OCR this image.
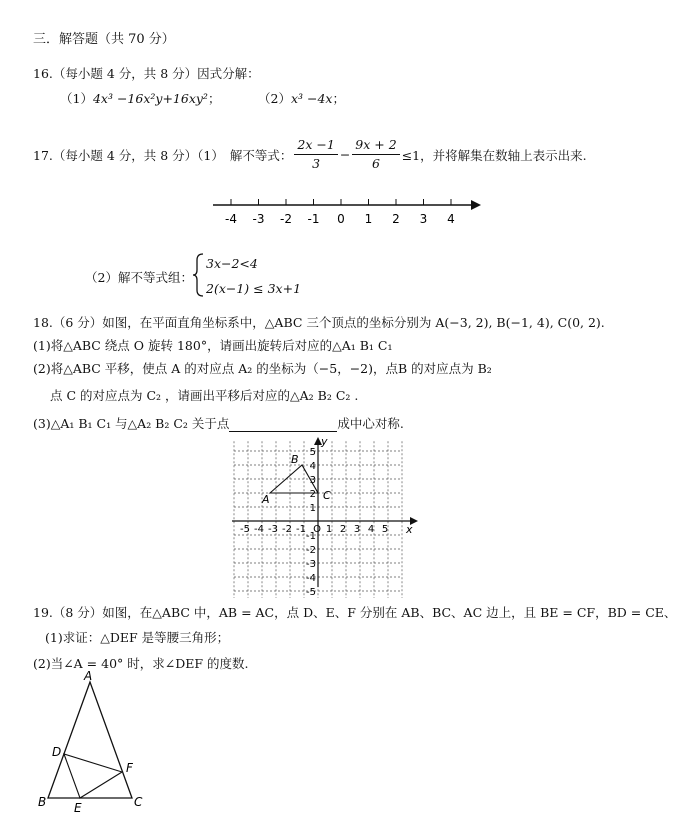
三．解答题（共 70 分）
16.（每小题 4 分，共 8 分）因式分解：
（1）4x³ −16x²y+16xy²；	（2）x³ −4x；
17.（每小题 4 分，共 8 分）（1） 解不等式： $\frac{2x -1}{3} - \frac{9x + 2}{6} \le 1$， 并将解集在数轴上表示出来.
-4 -3 -2 -1 0 1 2 3 4
（2）解不等式组：
3x−2<4
2(x−1) ≤ 3x+1
18.（6 分）如图，在平面直角坐标系中，△ABC 三个顶点的坐标分别为 A(−3, 2), B(−1, 4), C(0, 2).
(1)将△ABC 绕点 O 旋转 180°，请画出旋转后对应的△A₁ B₁ C₁
(2)将△ABC 平移，使点 A 的对应点 A₂ 的坐标为（−5，−2)，点B 的对应点为 B₂
点 C 的对应点为 C₂ ，请画出平移后对应的△A₂ B₂ C₂ .
(3)△A₁ B₁ C₁ 与△A₂ B₂ C₂ 关于点	成中心对称.
-5 -4 -3 -2 -1 O 1 2 3 4 5
5
4
3
2
1
-1
-2
-3
-4
-5
x
y
A
B
C
19.（8 分）如图，在△ABC 中，AB = AC，点 D、E、F 分别在 AB、BC、AC 边上，且 BE = CF，BD = CE、
(1)求证：△DEF 是等腰三角形；
(2)当∠A = 40° 时，求∠DEF 的度数.
A
B	C
D
E
F
